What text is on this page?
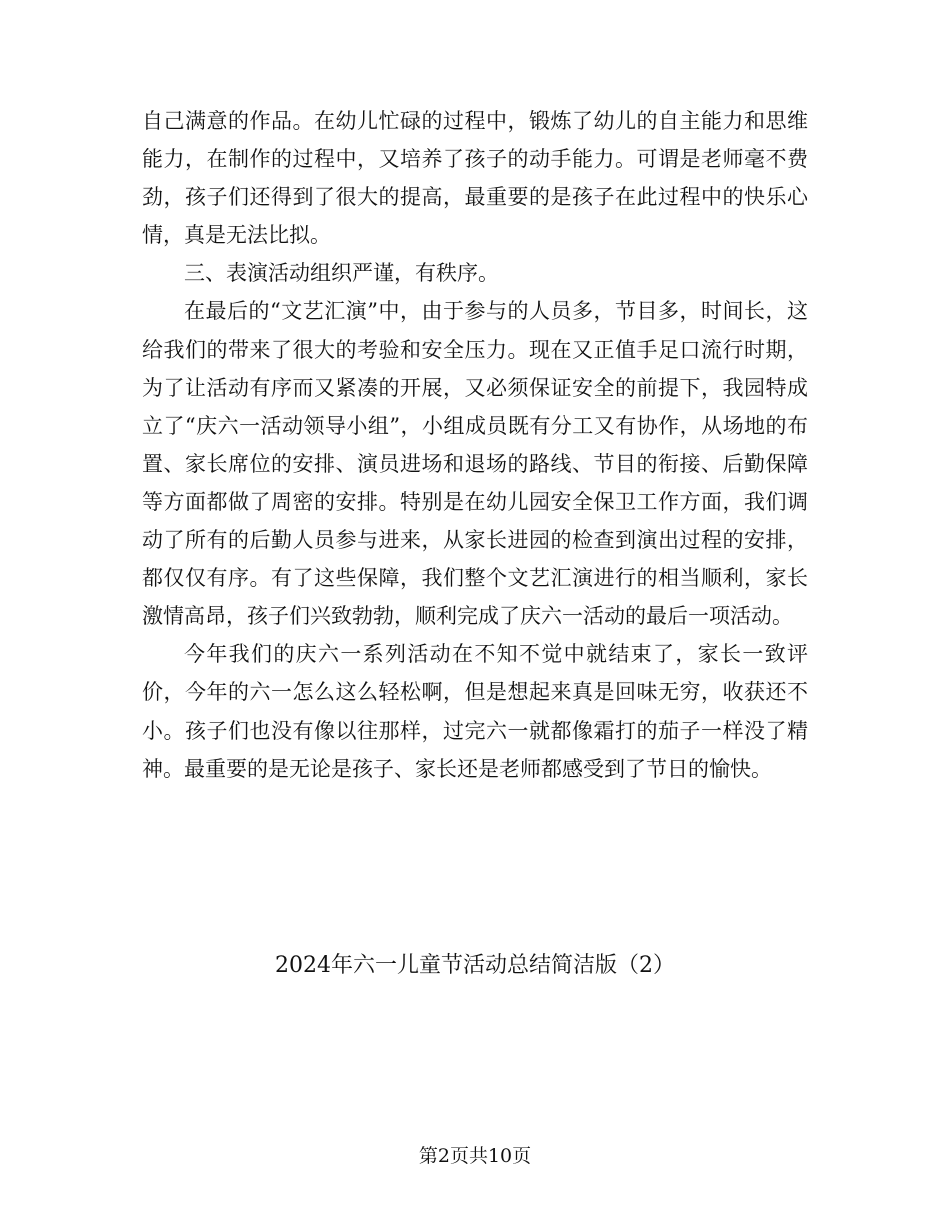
自己满意的作品。在幼儿忙碌的过程中，锻炼了幼儿的自主能力和思维能力，在制作的过程中，又培养了孩子的动手能力。可谓是老师毫不费劲，孩子们还得到了很大的提高，最重要的是孩子在此过程中的快乐心情，真是无法比拟。

三、表演活动组织严谨，有秩序。

在最后的“文艺汇演”中，由于参与的人员多，节目多，时间长，这给我们的带来了很大的考验和安全压力。现在又正值手足口流行时期，为了让活动有序而又紧凑的开展，又必须保证安全的前提下，我园特成立了“庆六一活动领导小组”，小组成员既有分工又有协作，从场地的布置、家长席位的安排、演员进场和退场的路线、节目的衔接、后勤保障等方面都做了周密的安排。特别是在幼儿园安全保卫工作方面，我们调动了所有的后勤人员参与进来，从家长进园的检查到演出过程的安排，都仅仅有序。有了这些保障，我们整个文艺汇演进行的相当顺利，家长激情高昂，孩子们兴致勃勃，顺利完成了庆六一活动的最后一项活动。

今年我们的庆六一系列活动在不知不觉中就结束了，家长一致评价，今年的六一怎么这么轻松啊，但是想起来真是回味无穷，收获还不小。孩子们也没有像以往那样，过完六一就都像霜打的茄子一样没了精神。最重要的是无论是孩子、家长还是老师都感受到了节日的愉快。

2024年六一儿童节活动总结简洁版（2）

第2页共10页
